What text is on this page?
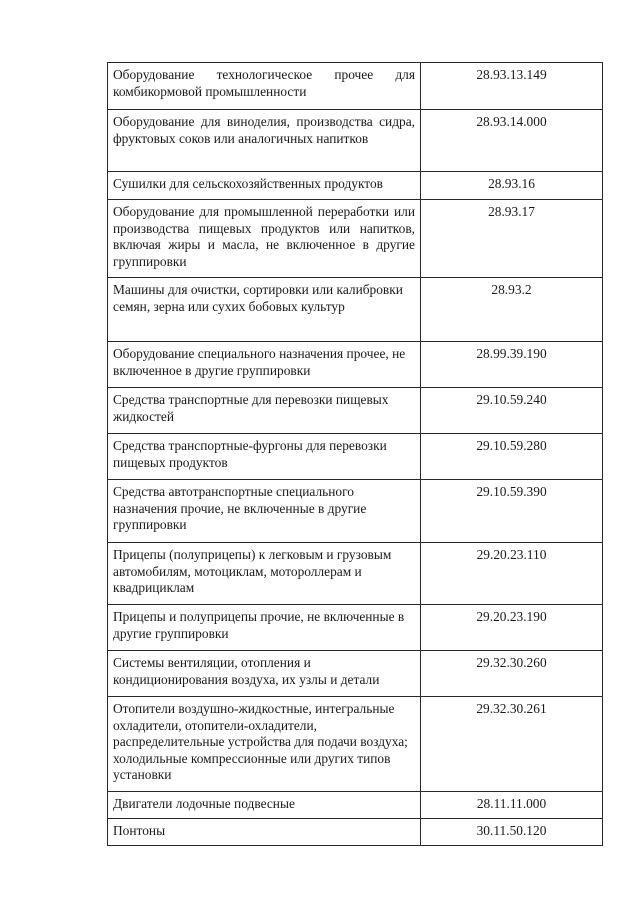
Оборудование технологическое прочее для комбикормовой промышленности	28.93.13.149
Оборудование для виноделия, производства сидра, фруктовых соков или аналогичных напитков	28.93.14.000
Сушилки для сельскохозяйственных продуктов	28.93.16
Оборудование для промышленной переработки или производства пищевых продуктов или напитков, включая жиры и масла, не включенное в другие группировки	28.93.17
Машины для очистки, сортировки или калибровки семян, зерна или сухих бобовых культур	28.93.2
Оборудование специального назначения прочее, не включенное в другие группировки	28.99.39.190
Средства транспортные для перевозки пищевых жидкостей	29.10.59.240
Средства транспортные-фургоны для перевозки пищевых продуктов	29.10.59.280
Средства автотранспортные специального назначения прочие, не включенные в другие группировки	29.10.59.390
Прицепы (полуприцепы) к легковым и грузовым автомобилям, мотоциклам, мотороллерам и квадрициклам	29.20.23.110
Прицепы и полуприцепы прочие, не включенные в другие группировки	29.20.23.190
Системы вентиляции, отопления и кондиционирования воздуха, их узлы и детали	29.32.30.260
Отопители воздушно-жидкостные, интегральные охладители, отопители-охладители, распределительные устройства для подачи воздуха; холодильные компрессионные или других типов установки	29.32.30.261
Двигатели лодочные подвесные	28.11.11.000
Понтоны	30.11.50.120
